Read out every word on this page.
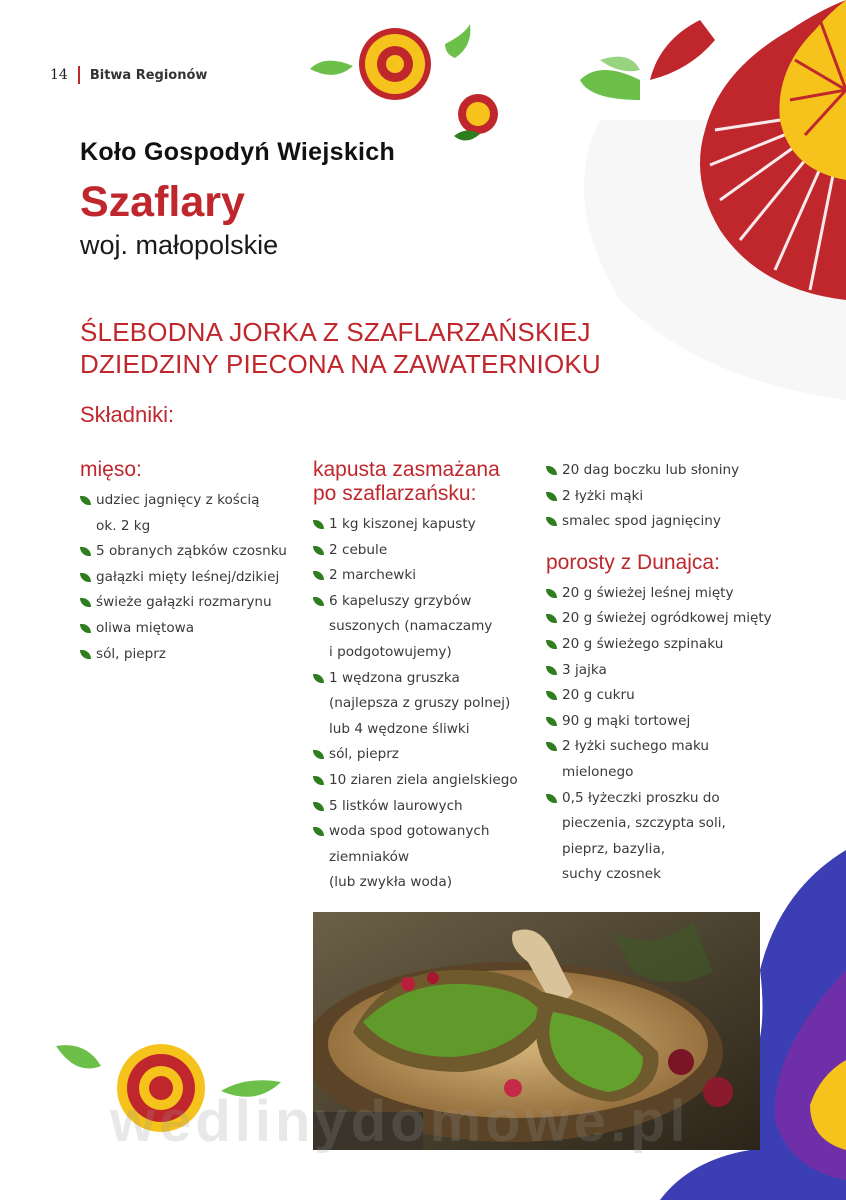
14 Bitwa Regionów
Koło Gospodyń Wiejskich
Szaflary
woj. małopolskie
ŚLEBODNA JORKA Z SZAFLARZAŃSKIEJ DZIEDZINY PIECONA NA ZAWATERNIOKU
Składniki:
mięso:
udziec jagnięcy z kością
ok. 2 kg
5 obranych ząbków czosnku
gałązki mięty leśnej/dzikiej
świeże gałązki rozmarynu
oliwa miętowa
sól, pieprz
kapusta zasmażana
po szaflarzańsku:
1 kg kiszonej kapusty
2 cebule
2 marchewki
6 kapeluszy grzybów
suszonych (namaczamy
i podgotowujemy)
1 wędzona gruszka
(najlepsza z gruszy polnej)
lub 4 wędzone śliwki
sól, pieprz
10 ziaren ziela angielskiego
5 listków laurowych
woda spod gotowanych
ziemniaków
(lub zwykła woda)
20 dag boczku lub słoniny
2 łyżki mąki
smalec spod jagnięciny
porosty z Dunajca:
20 g świeżej leśnej mięty
20 g świeżej ogródkowej mięty
20 g świeżego szpinaku
3 jajka
20 g cukru
90 g mąki tortowej
2 łyżki suchego maku
mielonego
0,5 łyżeczki proszku do
pieczenia, szczypta soli,
pieprz, bazylia,
suchy czosnek
wedlinydomowe.pl
